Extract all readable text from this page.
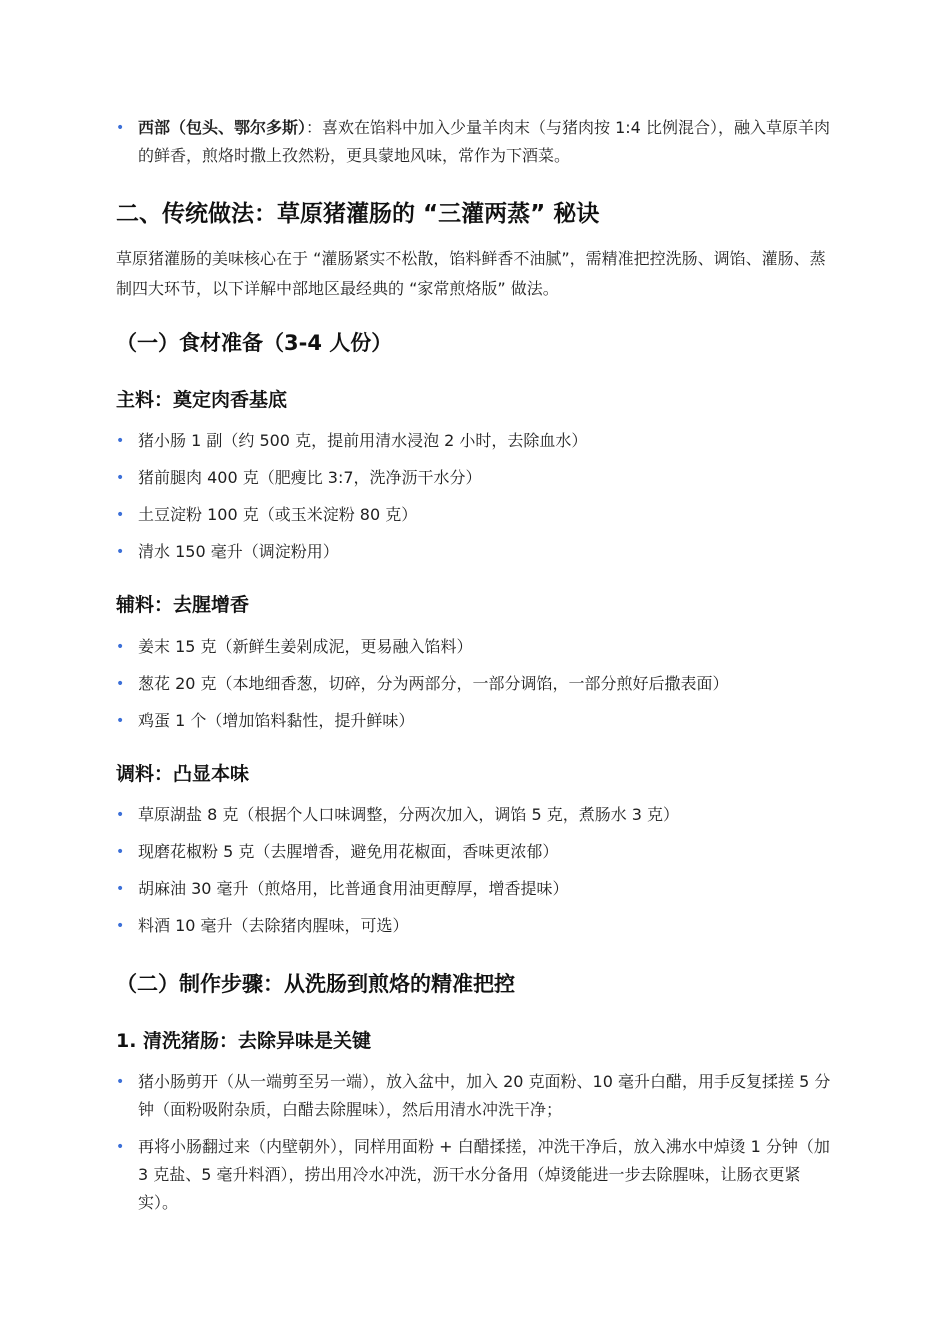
• 西部（包头、鄂尔多斯）：喜欢在馅料中加入少量羊肉末（与猪肉按 1:4 比例混合），融入草原羊肉的鲜香，煎烙时撒上孜然粉，更具蒙地风味，常作为下酒菜。
二、传统做法：草原猪灌肠的 “三灌两蒸” 秘诀

草原猪灌肠的美味核心在于 “灌肠紧实不松散，馅料鲜香不油腻”，需精准把控洗肠、调馅、灌肠、蒸制四大环节，以下详解中部地区最经典的 “家常煎烙版” 做法。

（一）食材准备（3-4 人份）
主料：奠定肉香基底
• 猪小肠 1 副（约 500 克，提前用清水浸泡 2 小时，去除血水）
• 猪前腿肉 400 克（肥瘦比 3:7，洗净沥干水分）
• 土豆淀粉 100 克（或玉米淀粉 80 克）
• 清水 150 毫升（调淀粉用）
辅料：去腥增香
• 姜末 15 克（新鲜生姜剁成泥，更易融入馅料）
• 葱花 20 克（本地细香葱，切碎，分为两部分，一部分调馅，一部分煎好后撒表面）
• 鸡蛋 1 个（增加馅料黏性，提升鲜味）
调料：凸显本味
• 草原湖盐 8 克（根据个人口味调整，分两次加入，调馅 5 克，煮肠水 3 克）
• 现磨花椒粉 5 克（去腥增香，避免用花椒面，香味更浓郁）
• 胡麻油 30 毫升（煎烙用，比普通食用油更醇厚，增香提味）
• 料酒 10 毫升（去除猪肉腥味，可选）
（二）制作步骤：从洗肠到煎烙的精准把控
1. 清洗猪肠：去除异味是关键
• 猪小肠剪开（从一端剪至另一端），放入盆中，加入 20 克面粉、10 毫升白醋，用手反复揉搓 5 分钟（面粉吸附杂质，白醋去除腥味），然后用清水冲洗干净；
• 再将小肠翻过来（内壁朝外），同样用面粉 + 白醋揉搓，冲洗干净后，放入沸水中焯烫 1 分钟（加 3 克盐、5 毫升料酒），捞出用冷水冲洗，沥干水分备用（焯烫能进一步去除腥味，让肠衣更紧实）。
